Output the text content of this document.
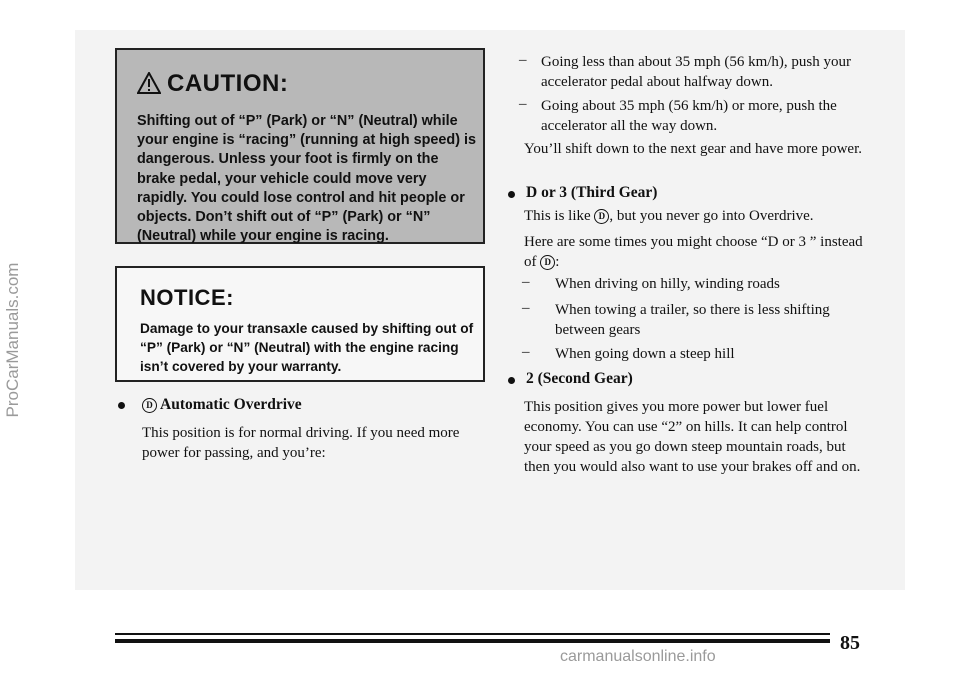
ProCarManuals.com
carmanualsonline.info
CAUTION:
Shifting out of “P” (Park) or “N” (Neutral) while your engine is “racing” (running at high speed) is dangerous. Unless your foot is firmly on the brake pedal, your vehicle could move very rapidly. You could lose control and hit people or objects. Don’t shift out of “P” (Park) or “N” (Neutral) while your engine is racing.
NOTICE:
Damage to your transaxle caused by shifting out of “P” (Park) or “N” (Neutral) with the engine racing isn’t covered by your warranty.
D Automatic Overdrive
This position is for normal driving. If you need more power for passing, and you’re:
– Going less than about 35 mph (56 km/h), push your accelerator pedal about halfway down.
– Going about 35 mph (56 km/h) or more, push the accelerator all the way down.
You’ll shift down to the next gear and have more power.
D or 3 (Third Gear)
This is like D , but you never go into Overdrive.
Here are some times you might choose “D or 3 ” instead of D :
– When driving on hilly, winding roads
– When towing a trailer, so there is less shifting between gears
– When going down a steep hill
2 (Second Gear)
This position gives you more power but lower fuel economy. You can use “2” on hills. It can help control your speed as you go down steep mountain roads, but then you would also want to use your brakes off and on.
85
